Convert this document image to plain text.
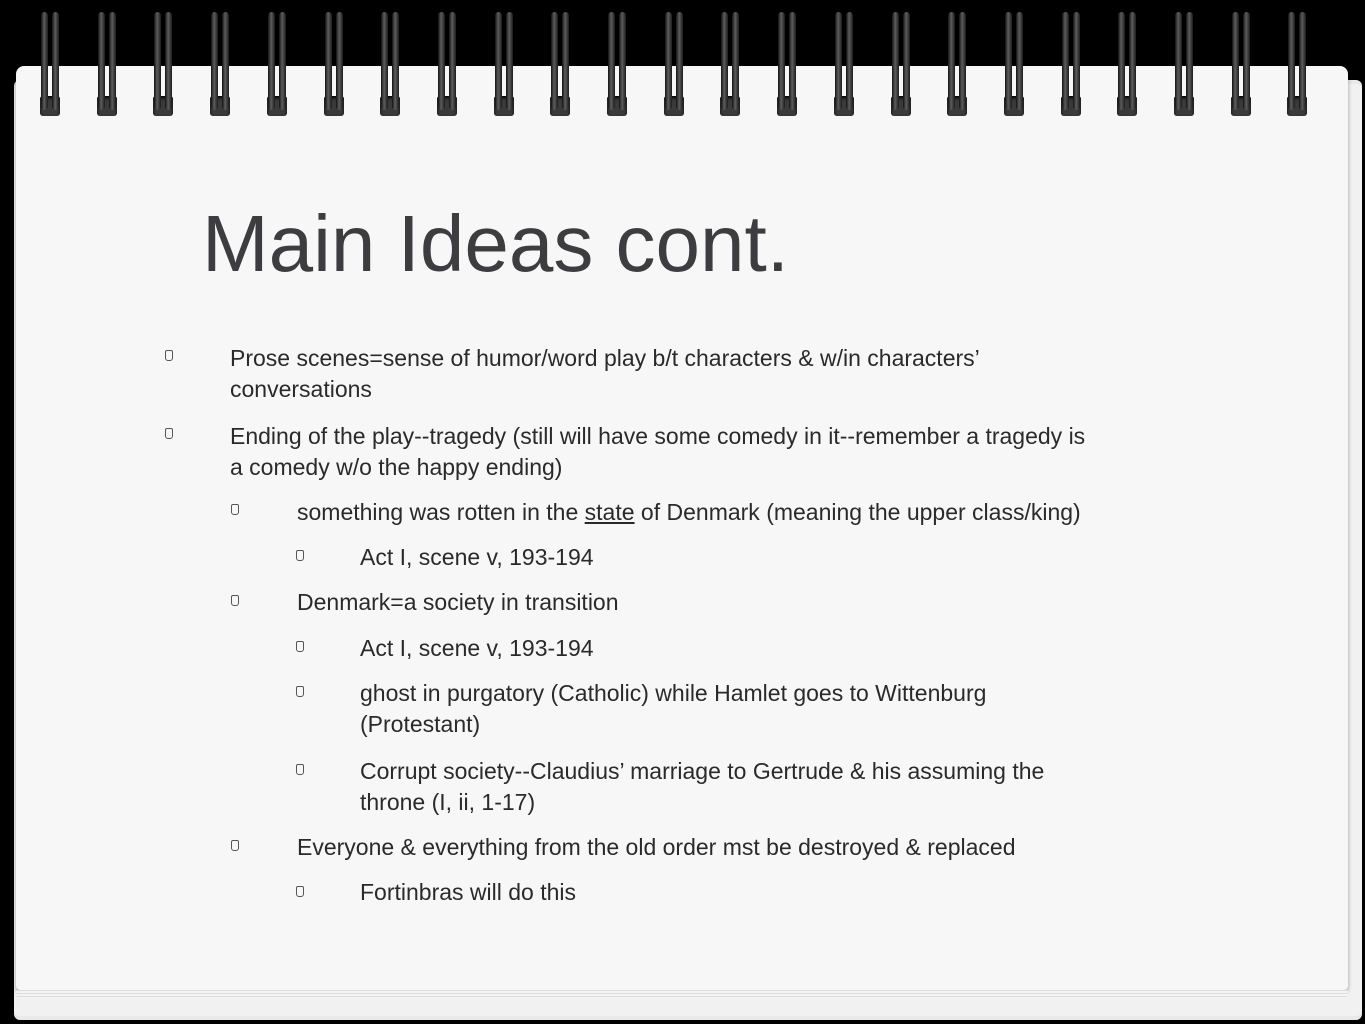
Main Ideas cont.
Prose scenes=sense of humor/word play b/t characters & w/in characters’
conversations
Ending of the play--tragedy (still will have some comedy in it--remember a tragedy is
a comedy w/o the happy ending)
something was rotten in the state of Denmark (meaning the upper class/king)
Act I, scene v, 193-194
Denmark=a society in transition
Act I, scene v, 193-194
ghost in purgatory (Catholic) while Hamlet goes to Wittenburg
(Protestant)
Corrupt society--Claudius’ marriage to Gertrude & his assuming the
throne (I, ii, 1-17)
Everyone & everything from the old order mst be destroyed & replaced
Fortinbras will do this
